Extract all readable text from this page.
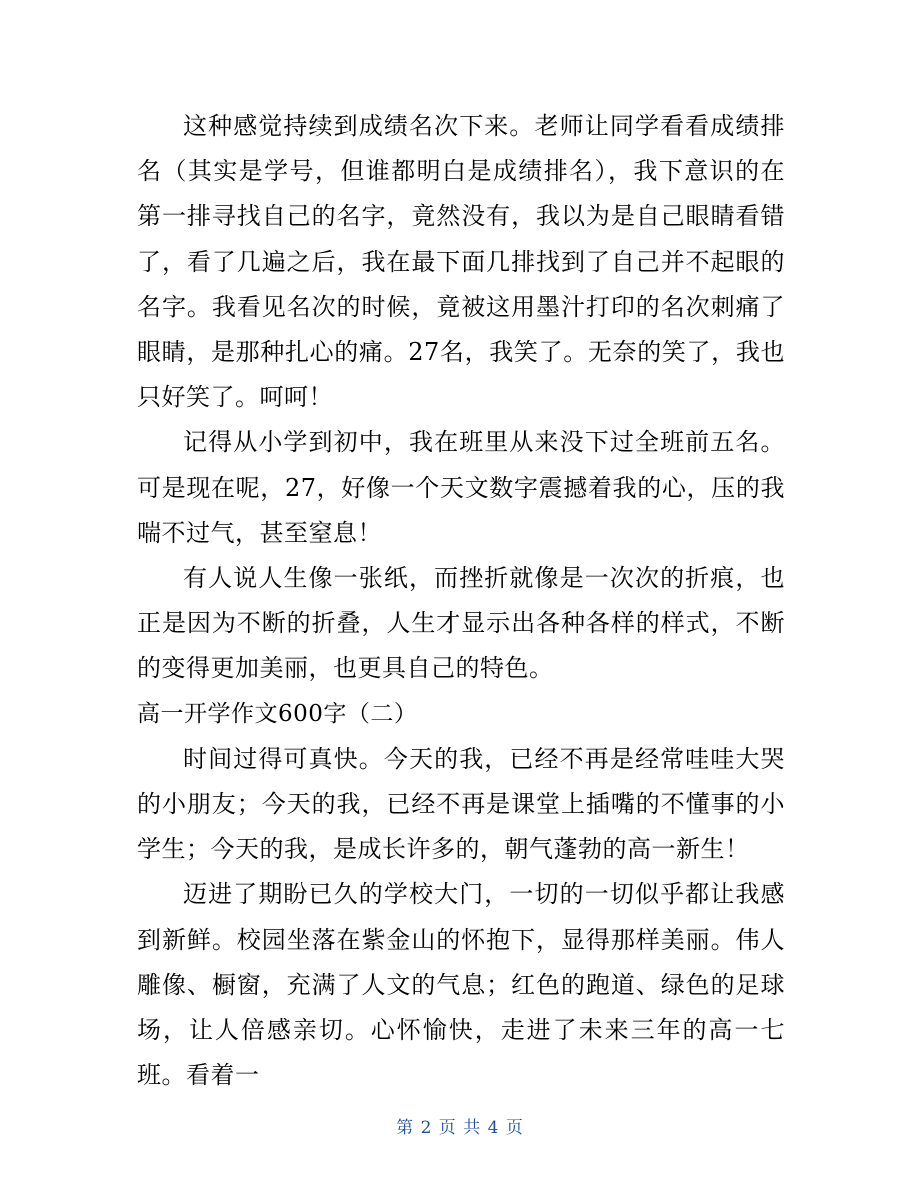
这种感觉持续到成绩名次下来。老师让同学看看成绩排名（其实是学号，但谁都明白是成绩排名），我下意识的在第一排寻找自己的名字，竟然没有，我以为是自己眼睛看错了，看了几遍之后，我在最下面几排找到了自己并不起眼的名字。我看见名次的时候，竟被这用墨汁打印的名次刺痛了眼睛，是那种扎心的痛。27名，我笑了。无奈的笑了，我也只好笑了。呵呵！

记得从小学到初中，我在班里从来没下过全班前五名。可是现在呢，27，好像一个天文数字震撼着我的心，压的我喘不过气，甚至窒息！

有人说人生像一张纸，而挫折就像是一次次的折痕，也正是因为不断的折叠，人生才显示出各种各样的样式，不断的变得更加美丽，也更具自己的特色。

高一开学作文600字（二）

时间过得可真快。今天的我，已经不再是经常哇哇大哭的小朋友；今天的我，已经不再是课堂上插嘴的不懂事的小学生；今天的我，是成长许多的，朝气蓬勃的高一新生！

迈进了期盼已久的学校大门，一切的一切似乎都让我感到新鲜。校园坐落在紫金山的怀抱下，显得那样美丽。伟人雕像、橱窗，充满了人文的气息；红色的跑道、绿色的足球场，让人倍感亲切。心怀愉快，走进了未来三年的高一七班。看着一

第 2 页 共 4 页
